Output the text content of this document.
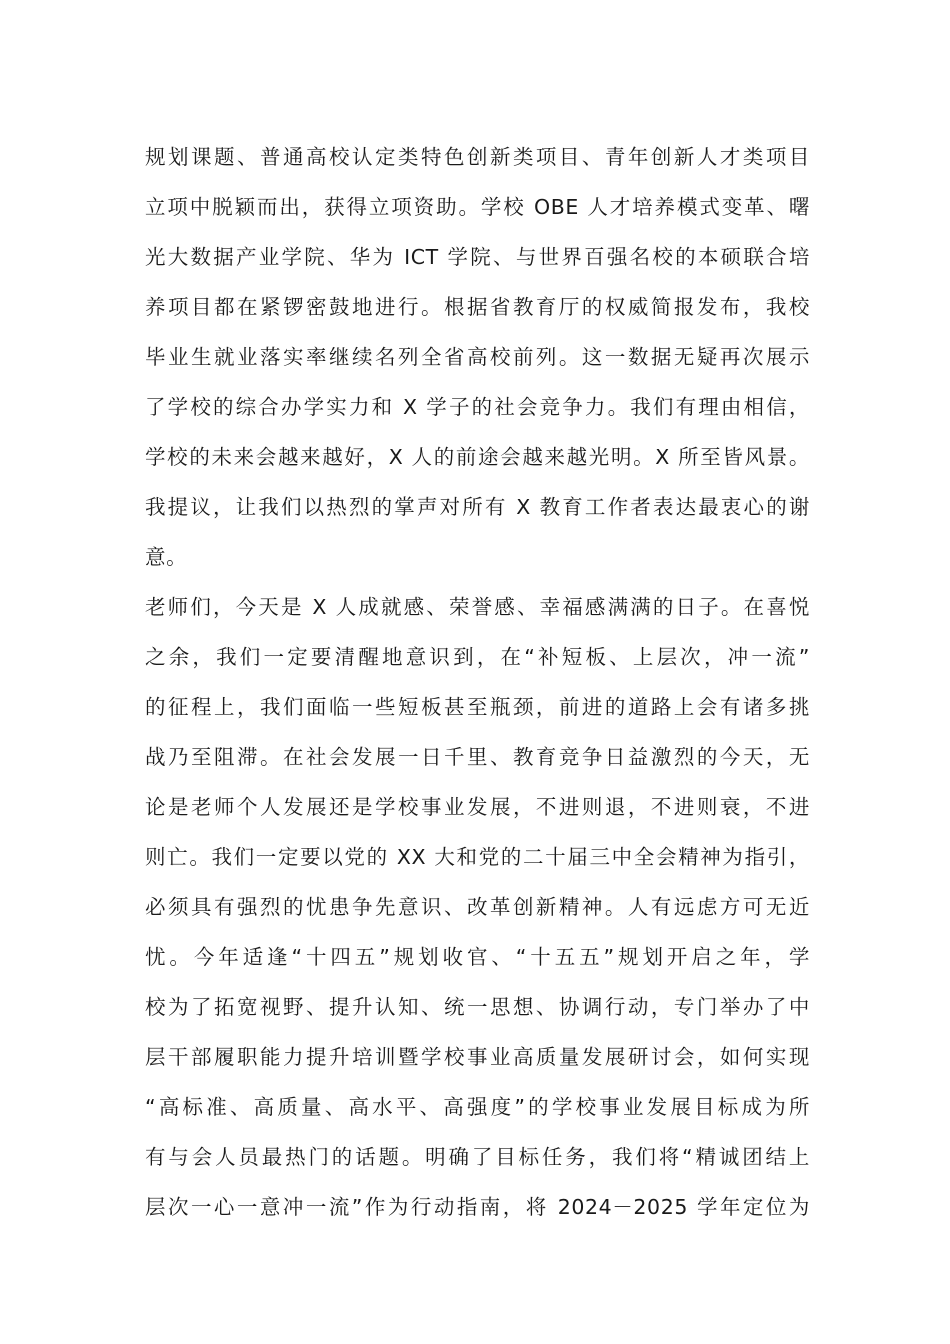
规划课题、普通高校认定类特色创新类项目、青年创新人才类项目
立项中脱颖而出，获得立项资助。学校 OBE 人才培养模式变革、曙
光大数据产业学院、华为 ICT 学院、与世界百强名校的本硕联合培
养项目都在紧锣密鼓地进行。根据省教育厅的权威简报发布，我校
毕业生就业落实率继续名列全省高校前列。这一数据无疑再次展示
了学校的综合办学实力和 X 学子的社会竞争力。我们有理由相信，
学校的未来会越来越好，X 人的前途会越来越光明。X 所至皆风景。
我提议，让我们以热烈的掌声对所有 X 教育工作者表达最衷心的谢
意。
老师们，今天是 X 人成就感、荣誉感、幸福感满满的日子。在喜悦
之余，我们一定要清醒地意识到，在“补短板、上层次，冲一流”
的征程上，我们面临一些短板甚至瓶颈，前进的道路上会有诸多挑
战乃至阻滞。在社会发展一日千里、教育竞争日益激烈的今天，无
论是老师个人发展还是学校事业发展，不进则退，不进则衰，不进
则亡。我们一定要以党的 XX 大和党的二十届三中全会精神为指引，
必须具有强烈的忧患争先意识、改革创新精神。人有远虑方可无近
忧。今年适逢“十四五”规划收官、“十五五”规划开启之年，学
校为了拓宽视野、提升认知、统一思想、协调行动，专门举办了中
层干部履职能力提升培训暨学校事业高质量发展研讨会，如何实现
“高标准、高质量、高水平、高强度”的学校事业发展目标成为所
有与会人员最热门的话题。明确了目标任务，我们将“精诚团结上
层次一心一意冲一流”作为行动指南，将 2024－2025 学年定位为
